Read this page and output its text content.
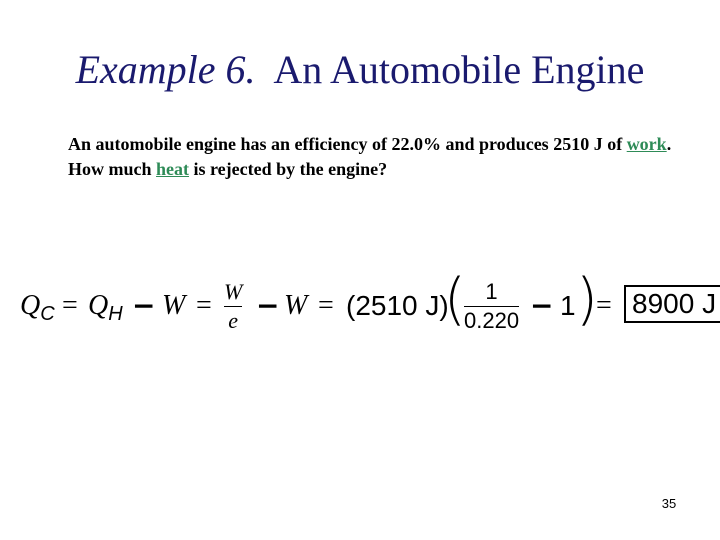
Example 6. An Automobile Engine
An automobile engine has an efficiency of 22.0% and produces 2510 J of work. How much heat is rejected by the engine?
$Q_C = Q_H - W = W$
e − W = (2510 J)
( 1
0.220 − 1 )
= 8900 J
35
